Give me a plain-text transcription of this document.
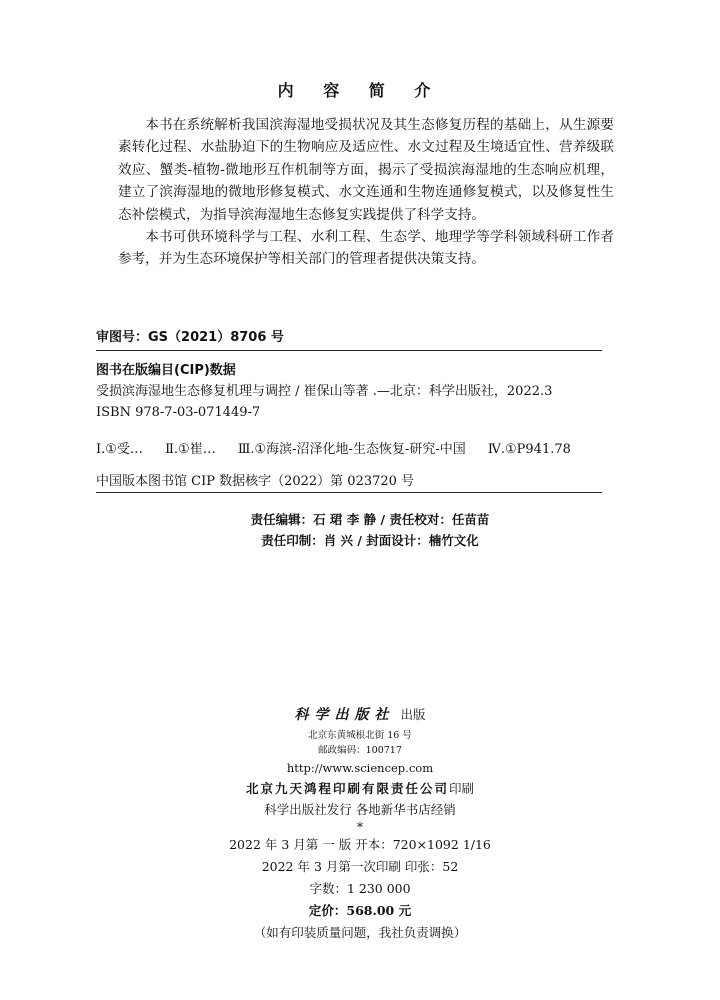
内 容 简 介

本书在系统解析我国滨海湿地受损状况及其生态修复历程的基础上，从生源要素转化过程、水盐胁迫下的生物响应及适应性、水文过程及生境适宜性、营养级联效应、蟹类-植物-微地形互作机制等方面，揭示了受损滨海湿地的生态响应机理，建立了滨海湿地的微地形修复模式、水文连通和生物连通修复模式，以及修复性生态补偿模式，为指导滨海湿地生态修复实践提供了科学支持。

本书可供环境科学与工程、水利工程、生态学、地理学等学科领域科研工作者参考，并为生态环境保护等相关部门的管理者提供决策支持。

审图号：GS（2021）8706 号
图书在版编目(CIP)数据
受损滨海湿地生态修复机理与调控 / 崔保山等著 .—北京：科学出版社，2022.3
ISBN 978-7-03-071449-7
Ⅰ.①受… Ⅱ.①崔… Ⅲ.①海滨-沼泽化地-生态恢复-研究-中国 Ⅳ.①P941.78
中国版本图书馆 CIP 数据核字（2022）第 023720 号
责任编辑：石 珺 李 静 / 责任校对：任苗苗
责任印制：肖 兴 / 封面设计：楠竹文化
科学出版社 出版
北京东黄城根北街 16 号
邮政编码：100717
http://www.sciencep.com
北京九天鸿程印刷有限责任公司印刷
科学出版社发行 各地新华书店经销
*
2022 年 3 月第 一 版 开本：720×1092 1/16
2022 年 3 月第一次印刷 印张：52
字数：1 230 000
定价：568.00 元
（如有印装质量问题，我社负责调换）
